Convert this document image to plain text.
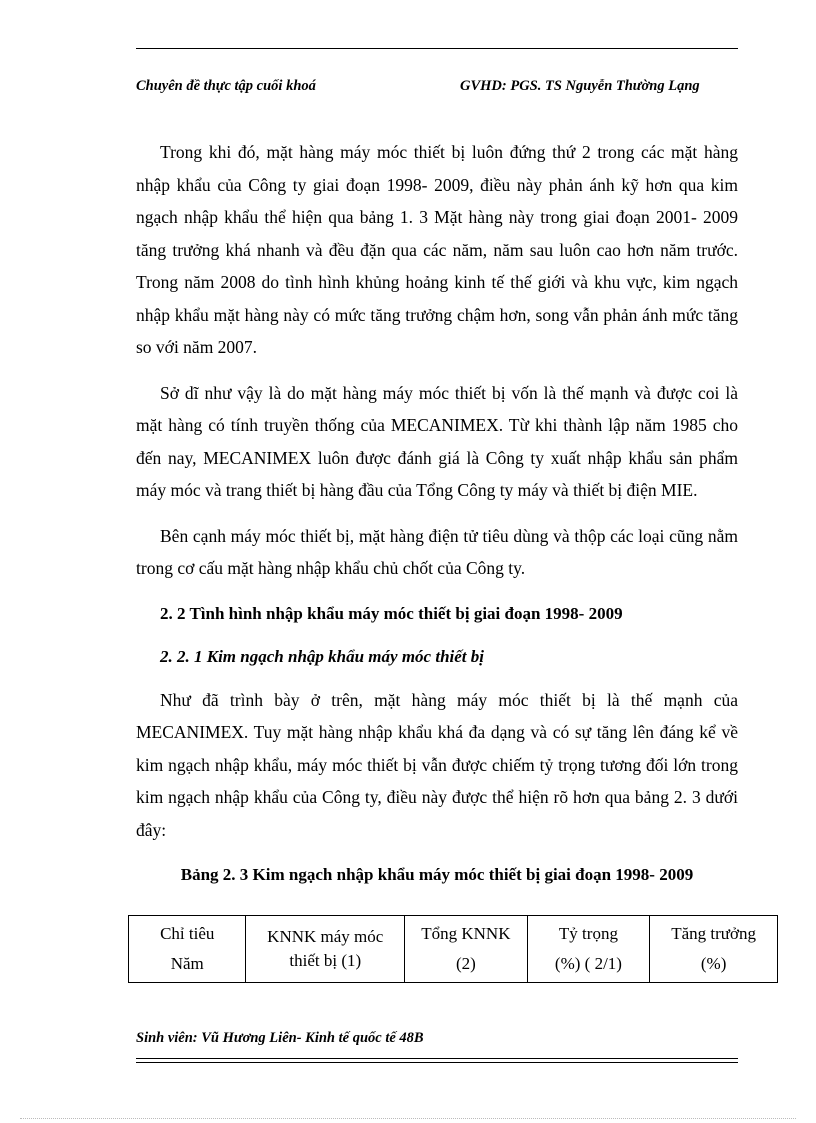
Chuyên đề thực tập cuối khoá	GVHD: PGS. TS Nguyễn Thường Lạng

Trong khi đó, mặt hàng máy móc thiết bị luôn đứng thứ 2 trong các mặt hàng nhập khẩu của Công ty giai đoạn 1998- 2009, điều này phản ánh kỹ hơn qua kim ngạch nhập khẩu thể hiện qua bảng 1. 3 Mặt hàng này trong giai đoạn 2001- 2009 tăng trưởng khá nhanh và đều đặn qua các năm, năm sau luôn cao hơn năm trước. Trong năm 2008 do tình hình khủng hoảng kinh tế thế giới và khu vực, kim ngạch nhập khẩu mặt hàng này có mức tăng trưởng chậm hơn, song vẫn phản ánh mức tăng so với năm 2007.

Sở dĩ như vậy là do mặt hàng máy móc thiết bị vốn là thế mạnh và được coi là mặt hàng có tính truyền thống của MECANIMEX. Từ khi thành lập năm 1985 cho đến nay, MECANIMEX luôn được đánh giá là Công ty xuất nhập khẩu sản phẩm máy móc và trang thiết bị hàng đầu của Tổng Công ty máy và thiết bị điện MIE.

Bên cạnh máy móc thiết bị, mặt hàng điện tử tiêu dùng và thộp các loại cũng nằm trong cơ cấu mặt hàng nhập khẩu chủ chốt của Công ty.

2. 2 Tình hình nhập khẩu máy móc thiết bị giai đoạn 1998- 2009
2. 2. 1 Kim ngạch nhập khẩu máy móc thiết bị

Như đã trình bày ở trên, mặt hàng máy móc thiết bị là thế mạnh của MECANIMEX. Tuy mặt hàng nhập khẩu khá đa dạng và có sự tăng lên đáng kể về kim ngạch nhập khẩu, máy móc thiết bị vẫn được chiếm tỷ trọng tương đối lớn trong kim ngạch nhập khẩu của Công ty, điều này được thể hiện rõ hơn qua bảng 2. 3 dưới đây:

Bảng 2. 3 Kim ngạch nhập khẩu máy móc thiết bị giai đoạn 1998- 2009
Chỉ tiêu
Năm

KNNK máy móc
thiết bị (1)

Tổng KNNK
(2)

Tỷ trọng
(%) ( 2/1)

Tăng trưởng
(%)
Sinh viên: Vũ Hương Liên- Kinh tế quốc tế 48B
